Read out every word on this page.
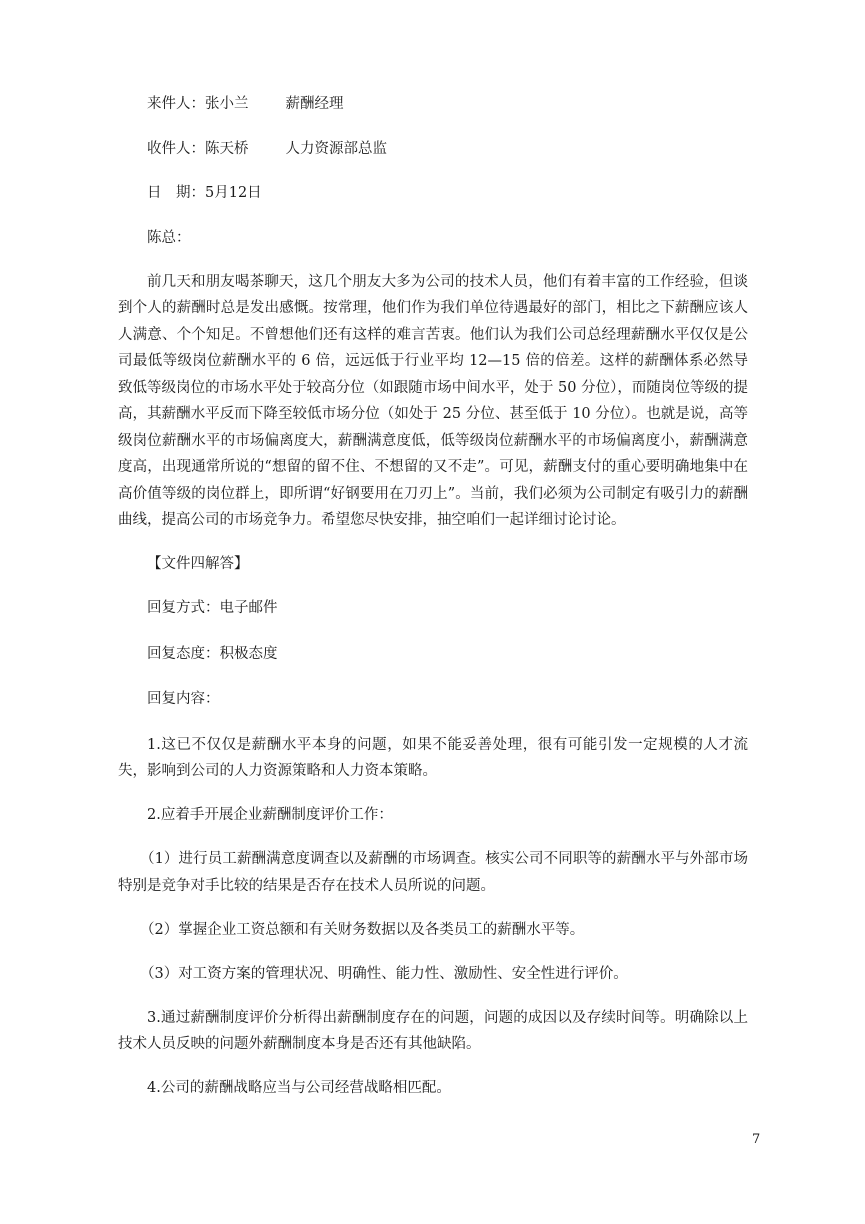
来件人：张小兰	薪酬经理

收件人：陈天桥	人力资源部总监

日　期：5月12日

陈总：

前几天和朋友喝茶聊天，这几个朋友大多为公司的技术人员，他们有着丰富的工作经验，但谈到个人的薪酬时总是发出感慨。按常理，他们作为我们单位待遇最好的部门，相比之下薪酬应该人人满意、个个知足。不曾想他们还有这样的难言苦衷。他们认为我们公司总经理薪酬水平仅仅是公司最低等级岗位薪酬水平的 6 倍，远远低于行业平均 12—15 倍的倍差。这样的薪酬体系必然导致低等级岗位的市场水平处于较高分位（如跟随市场中间水平，处于 50 分位），而随岗位等级的提高，其薪酬水平反而下降至较低市场分位（如处于 25 分位、甚至低于 10 分位）。也就是说，高等级岗位薪酬水平的市场偏离度大，薪酬满意度低，低等级岗位薪酬水平的市场偏离度小，薪酬满意度高，出现通常所说的“想留的留不住、不想留的又不走”。可见，薪酬支付的重心要明确地集中在高价值等级的岗位群上，即所谓“好钢要用在刀刃上”。当前，我们必须为公司制定有吸引力的薪酬曲线，提高公司的市场竞争力。希望您尽快安排，抽空咱们一起详细讨论讨论。

【文件四解答】

回复方式：电子邮件

回复态度：积极态度

回复内容：

1.这已不仅仅是薪酬水平本身的问题，如果不能妥善处理，很有可能引发一定规模的人才流失，影响到公司的人力资源策略和人力资本策略。

2.应着手开展企业薪酬制度评价工作：

（1）进行员工薪酬满意度调查以及薪酬的市场调查。核实公司不同职等的薪酬水平与外部市场特别是竞争对手比较的结果是否存在技术人员所说的问题。

（2）掌握企业工资总额和有关财务数据以及各类员工的薪酬水平等。

（3）对工资方案的管理状况、明确性、能力性、激励性、安全性进行评价。

3.通过薪酬制度评价分析得出薪酬制度存在的问题，问题的成因以及存续时间等。明确除以上技术人员反映的问题外薪酬制度本身是否还有其他缺陷。

4.公司的薪酬战略应当与公司经营战略相匹配。

7
